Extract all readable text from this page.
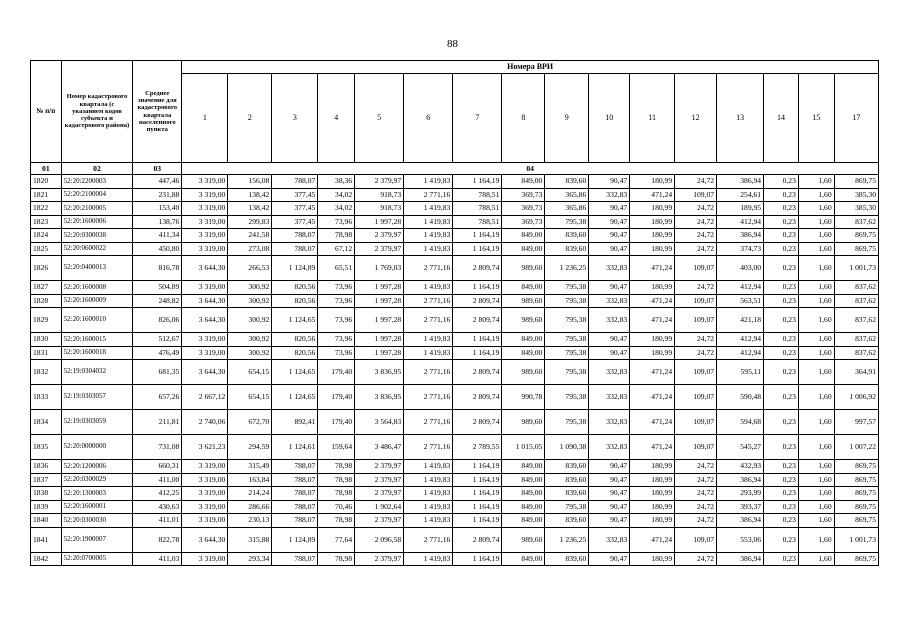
88
№ п/п	Номер кадастрового квартала (с указанием кодов субъекта и кадастрового района)	Среднее значение для кадастрового квартала населенного пункта	Номера ВРИ															
			1	2	3	4	5	6	7	8	9	10	11	12	13	14	15	17
01	02	03	04															
1820	52:20:2200003	447,46	3 319,00	156,08	788,07	38,36	2 379,97	1 419,83	1 164,19	849,00	839,60	90,47	180,99	24,72	386,94	0,23	1,60	869,75
1821	52:20:2100004	231,88	3 319,00	138,42	377,45	34,02	918,73	2 771,16	788,51	369,73	365,86	332,83	471,24	109,07	254,61	0,23	1,60	385,30
1822	52:20:2100005	153,40	3 319,00	138,42	377,45	34,02	918,73	1 419,83	788,51	369,73	365,86	90,47	180,99	24,72	189,95	0,23	1,60	385,30
1823	52:20:1600006	138,76	3 319,00	299,83	377,45	73,96	1 997,28	1 419,83	788,51	369,73	795,38	90,47	180,99	24,72	412,94	0,23	1,60	837,62
1824	52:20:0300038	411,34	3 319,00	241,58	788,07	78,98	2 379,97	1 419,83	1 164,19	849,00	839,60	90,47	180,99	24,72	386,94	0,23	1,60	869,75
1825	52:20:0600022	450,80	3 319,00	273,08	788,07	67,12	2 379,97	1 419,83	1 164,19	849,00	839,60	90,47	180,99	24,72	374,73	0,23	1,60	869,75
1826	52:20:0400013	816,78	3 644,30	266,53	1 124,89	65,51	1 769,03	2 771,16	2 809,74	989,60	1 236,25	332,83	471,24	109,07	403,00	0,23	1,60	1 001,73
1827	52:20:1600008	504,89	3 319,00	300,92	820,56	73,96	1 997,28	1 419,83	1 164,19	849,00	795,38	90,47	180,99	24,72	412,94	0,23	1,60	837,62
1828	52:20:1600009	248,82	3 644,30	300,92	820,56	73,96	1 997,28	2 771,16	2 809,74	989,60	795,38	332,83	471,24	109,07	563,51	0,23	1,60	837,62
1829	52:20:1600010	826,06	3 644,30	300,92	1 124,65	73,96	1 997,28	2 771,16	2 809,74	989,60	795,38	332,83	471,24	109,07	421,18	0,23	1,60	837,62
1830	52:20:1600015	512,67	3 319,00	300,92	820,56	73,96	1 997,28	1 419,83	1 164,19	849,00	795,38	90,47	180,99	24,72	412,94	0,23	1,60	837,62
1831	52:20:1600018	476,49	3 319,00	300,92	820,56	73,96	1 997,28	1 419,83	1 164,19	849,00	795,38	90,47	180,99	24,72	412,94	0,23	1,60	837,62
1832	52:19:0304032	681,35	3 644,30	654,15	1 124,65	179,40	3 836,95	2 771,16	2 809,74	989,60	795,38	332,83	471,24	109,07	595,11	0,23	1,60	364,91
1833	52:19:0303057	657,26	2 667,12	654,15	1 124,65	179,40	3 836,95	2 771,16	2 809,74	990,78	795,38	332,83	471,24	109,07	590,48	0,23	1,60	1 006,92
1834	52:19:0303059	211,81	2 740,06	672,70	892,41	179,40	3 564,83	2 771,16	2 809,74	989,60	795,38	332,83	471,24	109,07	594,68	0,23	1,60	997,57
1835	52:20:0000000	731,08	3 621,23	294,59	1 124,61	159,64	3 486,47	2 771,16	2 789,55	1 015,05	1 090,38	332,83	471,24	109,07	545,27	0,23	1,60	1 007,22
1836	52:20:1200006	660,31	3 319,00	315,49	788,07	78,98	2 379,97	1 419,83	1 164,19	849,00	839,60	90,47	180,99	24,72	432,93	0,23	1,60	869,75
1837	52:20:0300029	411,00	3 319,00	163,84	788,07	78,98	2 379,97	1 419,83	1 164,19	849,00	839,60	90,47	180,99	24,72	386,94	0,23	1,60	869,75
1838	52:20:1300003	412,25	3 319,00	214,24	788,07	78,98	2 379,97	1 419,83	1 164,19	849,00	839,60	90,47	180,99	24,72	293,99	0,23	1,60	869,75
1839	52:20:1600001	430,63	3 319,00	286,66	788,07	70,46	1 902,64	1 419,83	1 164,19	849,00	795,38	90,47	180,99	24,72	393,37	0,23	1,60	869,75
1840	52:20:0300030	411,01	3 319,00	230,13	788,07	78,98	2 379,97	1 419,83	1 164,19	849,00	839,60	90,47	180,99	24,72	386,94	0,23	1,60	869,75
1841	52:20:1900007	822,78	3 644,30	315,88	1 124,89	77,64	2 096,58	2 771,16	2 809,74	989,60	1 236,25	332,83	471,24	109,07	553,06	0,23	1,60	1 001,73
1842	52:20:0700005	411,03	3 319,00	293,34	788,07	78,98	2 379,97	1 419,83	1 164,19	849,00	839,60	90,47	180,99	24,72	386,94	0,23	1,60	869,75
